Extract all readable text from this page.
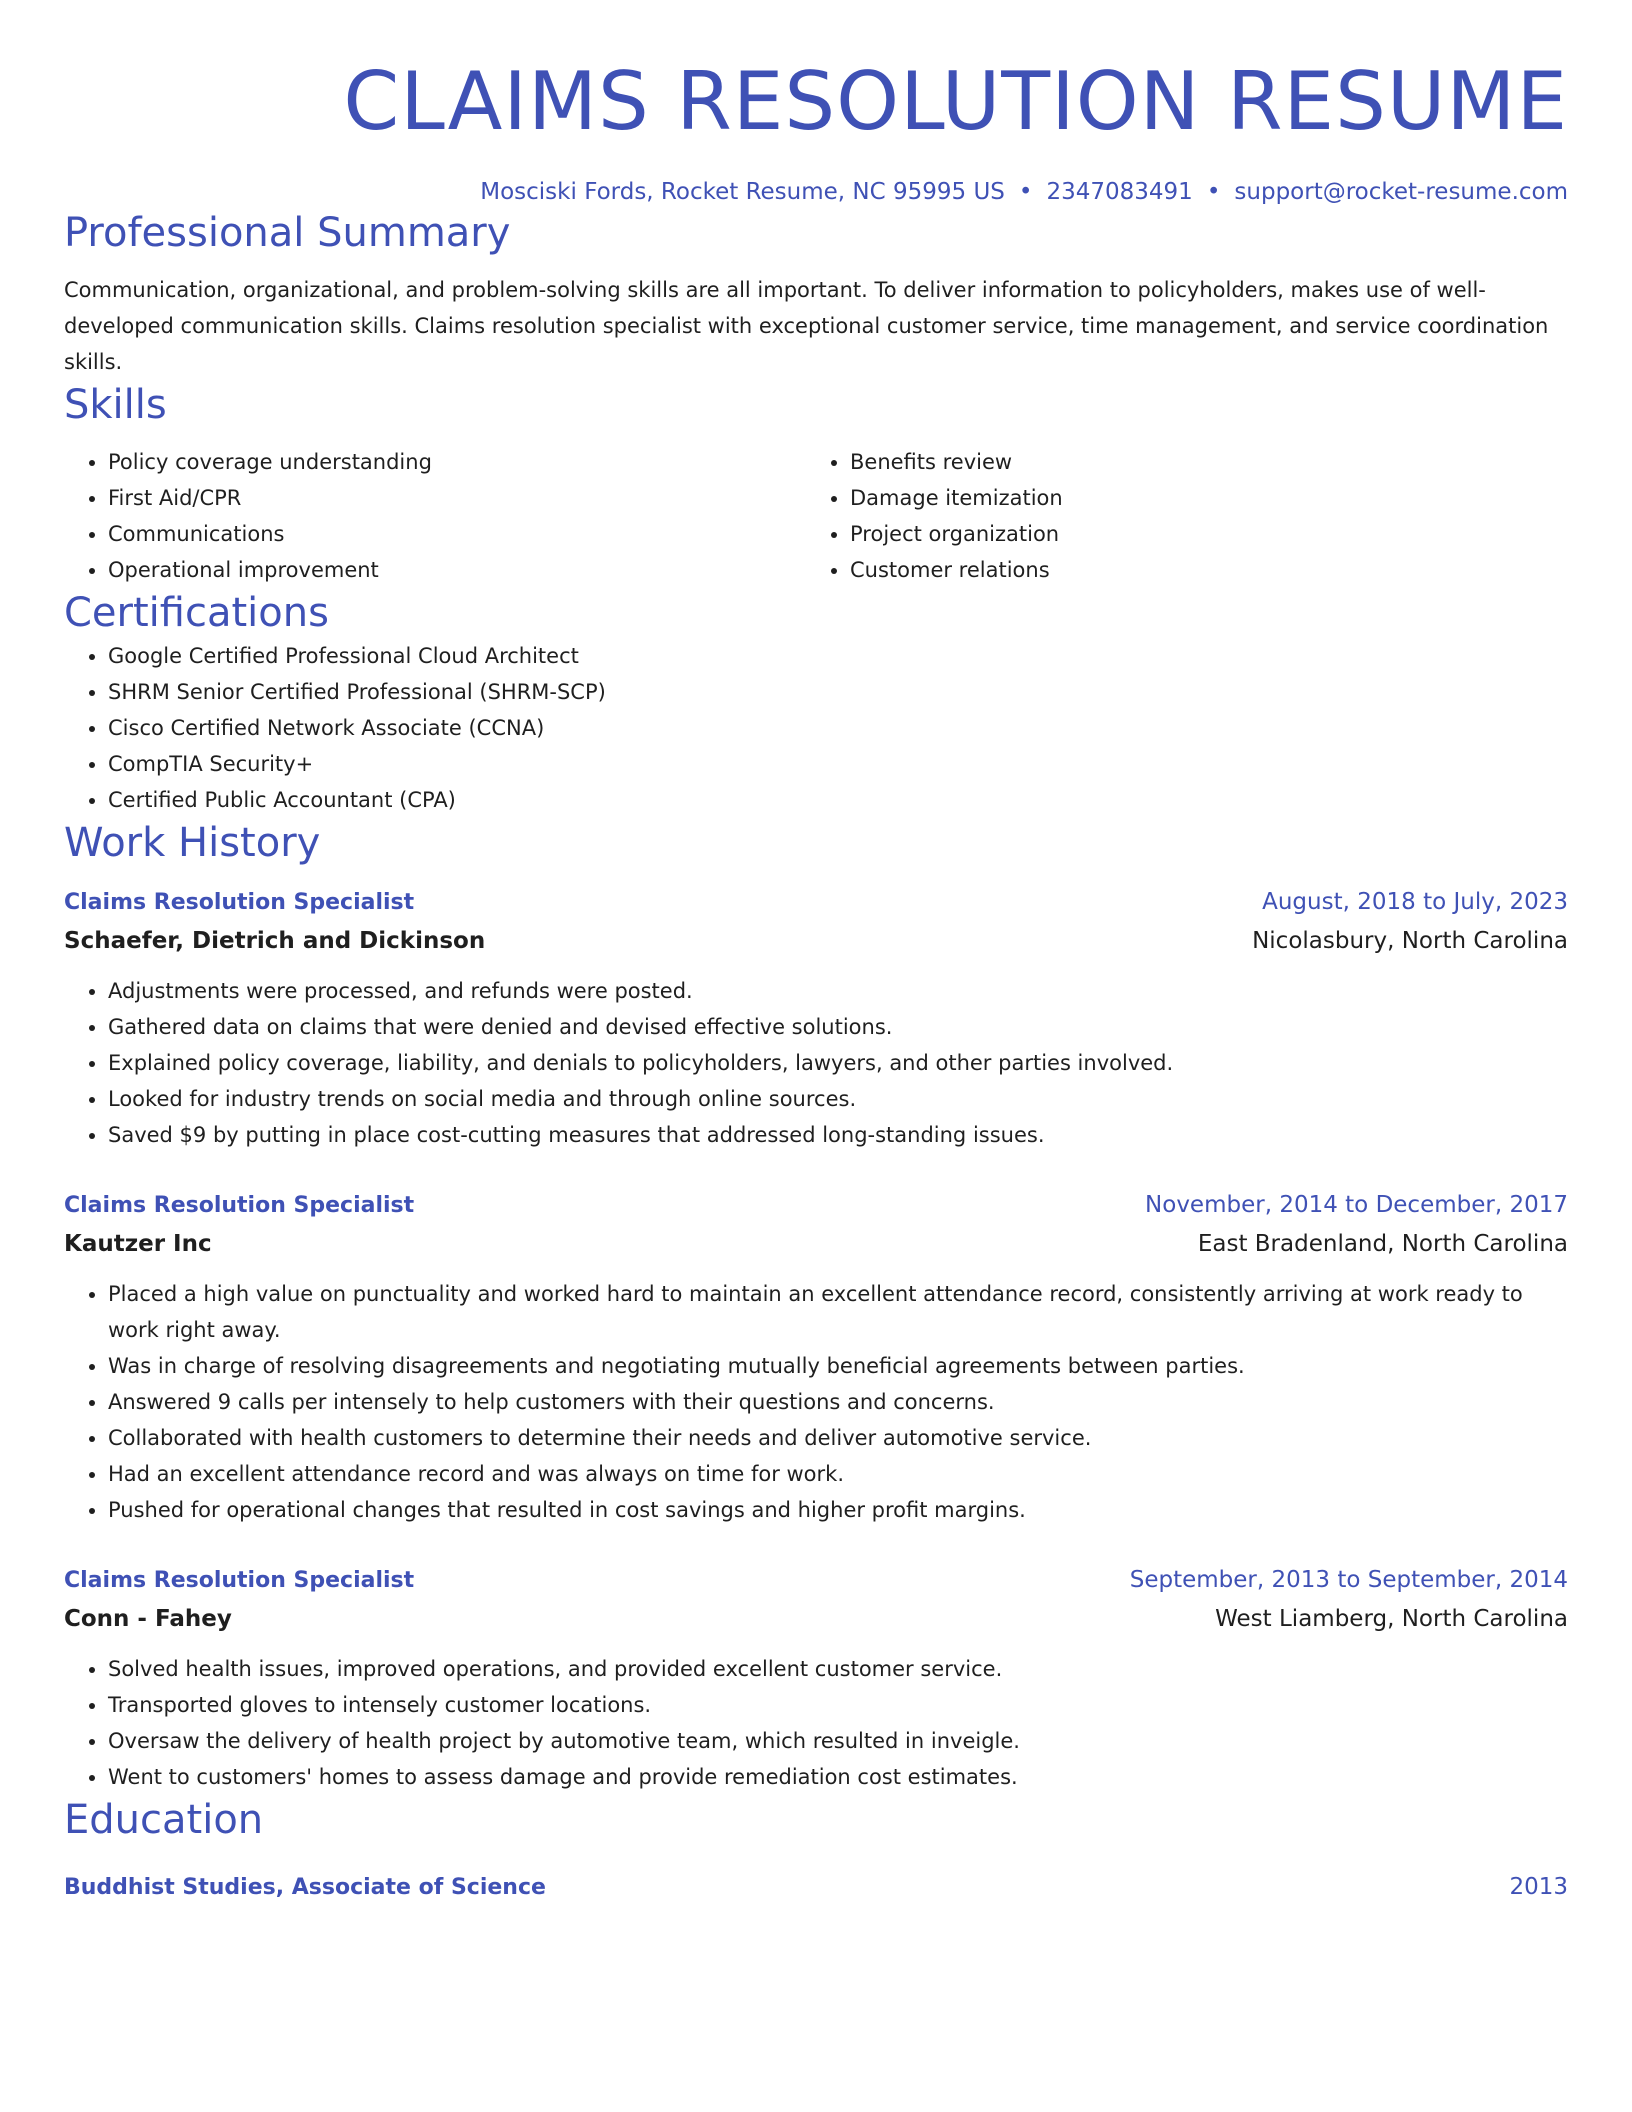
CLAIMS RESOLUTION RESUME
Mosciski Fords, Rocket Resume, NC 95995 US • 2347083491 • support@rocket-resume.com
Professional Summary

Communication, organizational, and problem-solving skills are all important. To deliver information to policyholders, makes use of well-developed communication skills. Claims resolution specialist with exceptional customer service, time management, and service coordination skills.

Skills
• Policy coverage understanding
• First Aid/CPR
• Communications
• Operational improvement
• Benefits review
• Damage itemization
• Project organization
• Customer relations
Certifications
• Google Certified Professional Cloud Architect
• SHRM Senior Certified Professional (SHRM-SCP)
• Cisco Certified Network Associate (CCNA)
• CompTIA Security+
• Certified Public Accountant (CPA)
Work History
Claims Resolution Specialist	August, 2018 to July, 2023
Schaefer, Dietrich and Dickinson	Nicolasbury, North Carolina
• Adjustments were processed, and refunds were posted.
• Gathered data on claims that were denied and devised effective solutions.
• Explained policy coverage, liability, and denials to policyholders, lawyers, and other parties involved.
• Looked for industry trends on social media and through online sources.
• Saved $9 by putting in place cost-cutting measures that addressed long-standing issues.
Claims Resolution Specialist	November, 2014 to December, 2017
Kautzer Inc	East Bradenland, North Carolina
• Placed a high value on punctuality and worked hard to maintain an excellent attendance record, consistently arriving at work ready to work right away.
• Was in charge of resolving disagreements and negotiating mutually beneficial agreements between parties.
• Answered 9 calls per intensely to help customers with their questions and concerns.
• Collaborated with health customers to determine their needs and deliver automotive service.
• Had an excellent attendance record and was always on time for work.
• Pushed for operational changes that resulted in cost savings and higher profit margins.
Claims Resolution Specialist	September, 2013 to September, 2014
Conn - Fahey	West Liamberg, North Carolina
• Solved health issues, improved operations, and provided excellent customer service.
• Transported gloves to intensely customer locations.
• Oversaw the delivery of health project by automotive team, which resulted in inveigle.
• Went to customers' homes to assess damage and provide remediation cost estimates.
Education
Buddhist Studies, Associate of Science	2013
